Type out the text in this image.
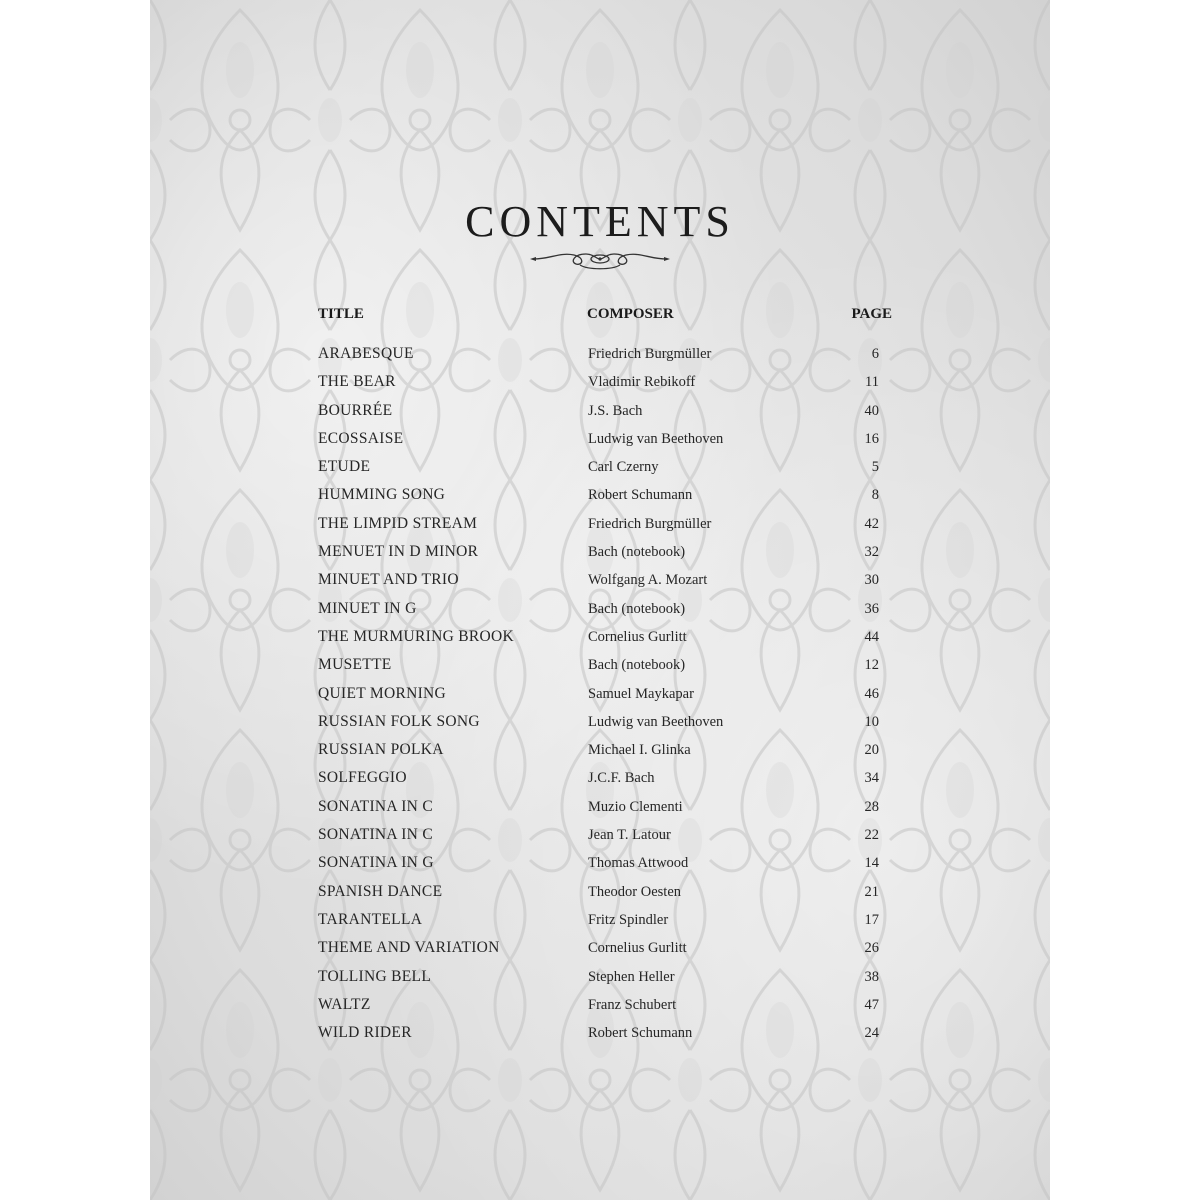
CONTENTS
TITLE	COMPOSER	PAGE
ARABESQUE	Friedrich Burgmüller	6
THE BEAR	Vladimir Rebikoff	11
BOURRÉE	J.S. Bach	40
ECOSSAISE	Ludwig van Beethoven	16
ETUDE	Carl Czerny	5
HUMMING SONG	Robert Schumann	8
THE LIMPID STREAM	Friedrich Burgmüller	42
MENUET IN D MINOR	Bach (notebook)	32
MINUET AND TRIO	Wolfgang A. Mozart	30
MINUET IN G	Bach (notebook)	36
THE MURMURING BROOK	Cornelius Gurlitt	44
MUSETTE	Bach (notebook)	12
QUIET MORNING	Samuel Maykapar	46
RUSSIAN FOLK SONG	Ludwig van Beethoven	10
RUSSIAN POLKA	Michael I. Glinka	20
SOLFEGGIO	J.C.F. Bach	34
SONATINA IN C	Muzio Clementi	28
SONATINA IN C	Jean T. Latour	22
SONATINA IN G	Thomas Attwood	14
SPANISH DANCE	Theodor Oesten	21
TARANTELLA	Fritz Spindler	17
THEME AND VARIATION	Cornelius Gurlitt	26
TOLLING BELL	Stephen Heller	38
WALTZ	Franz Schubert	47
WILD RIDER	Robert Schumann	24
